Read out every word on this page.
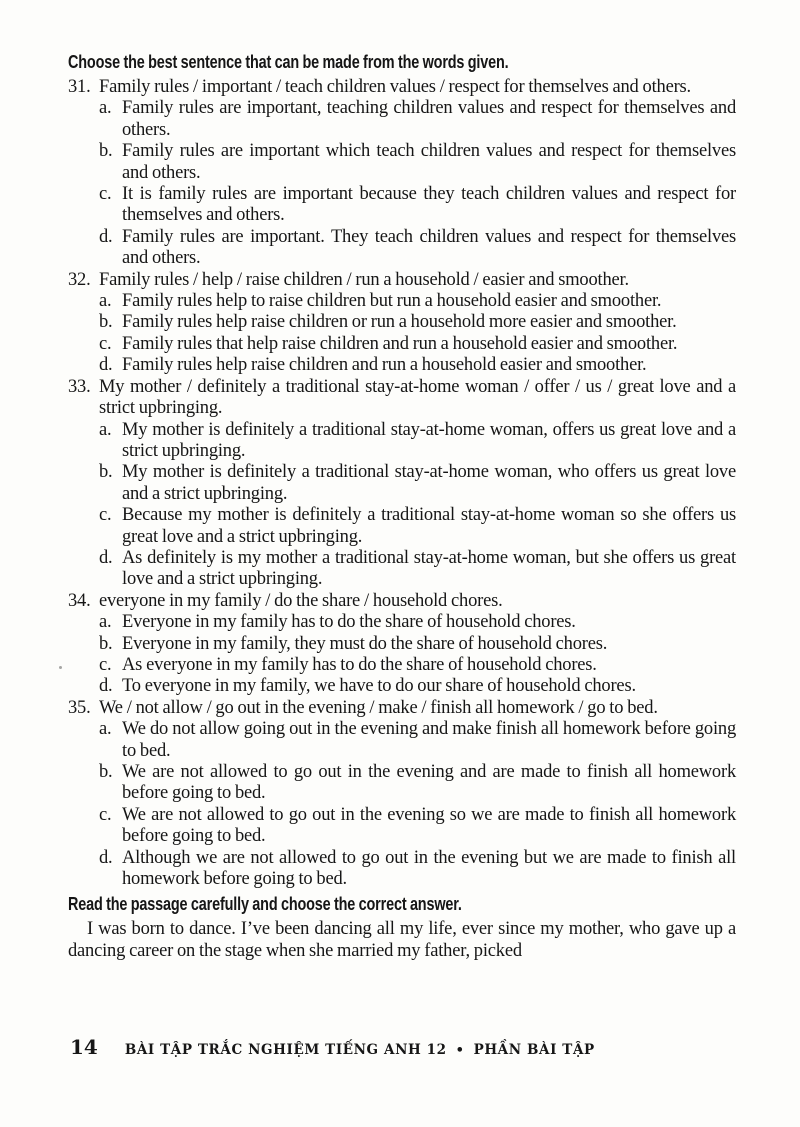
Choose the best sentence that can be made from the words given.

31. Family rules / important / teach children values / respect for themselves and others.

a. Family rules are important, teaching children values and respect for themselves and others.

b. Family rules are important which teach children values and respect for themselves and others.

c. It is family rules are important because they teach children values and respect for themselves and others.

d. Family rules are important. They teach children values and respect for themselves and others.

32. Family rules / help / raise children / run a household / easier and smoother.

a. Family rules help to raise children but run a household easier and smoother.

b. Family rules help raise children or run a household more easier and smoother.

c. Family rules that help raise children and run a household easier and smoother.

d. Family rules help raise children and run a household easier and smoother.

33. My mother / definitely a traditional stay-at-home woman / offer / us / great love and a strict upbringing.

a. My mother is definitely a traditional stay-at-home woman, offers us great love and a strict upbringing.

b. My mother is definitely a traditional stay-at-home woman, who offers us great love and a strict upbringing.

c. Because my mother is definitely a traditional stay-at-home woman so she offers us great love and a strict upbringing.

d. As definitely is my mother a traditional stay-at-home woman, but she offers us great love and a strict upbringing.

34. everyone in my family / do the share / household chores.

a. Everyone in my family has to do the share of household chores.

b. Everyone in my family, they must do the share of household chores.

c. As everyone in my family has to do the share of household chores.

d. To everyone in my family, we have to do our share of household chores.

35. We / not allow / go out in the evening / make / finish all homework / go to bed.

a. We do not allow going out in the evening and make finish all homework before going to bed.

b. We are not allowed to go out in the evening and are made to finish all homework before going to bed.

c. We are not allowed to go out in the evening so we are made to finish all homework before going to bed.

d. Although we are not allowed to go out in the evening but we are made to finish all homework before going to bed.

Read the passage carefully and choose the correct answer.

I was born to dance. I’ve been dancing all my life, ever since my mother, who gave up a dancing career on the stage when she married my father, picked

14 BÀI TẬP TRẮC NGHIỆM TIẾNG ANH 12 • PHẦN BÀI TẬP
